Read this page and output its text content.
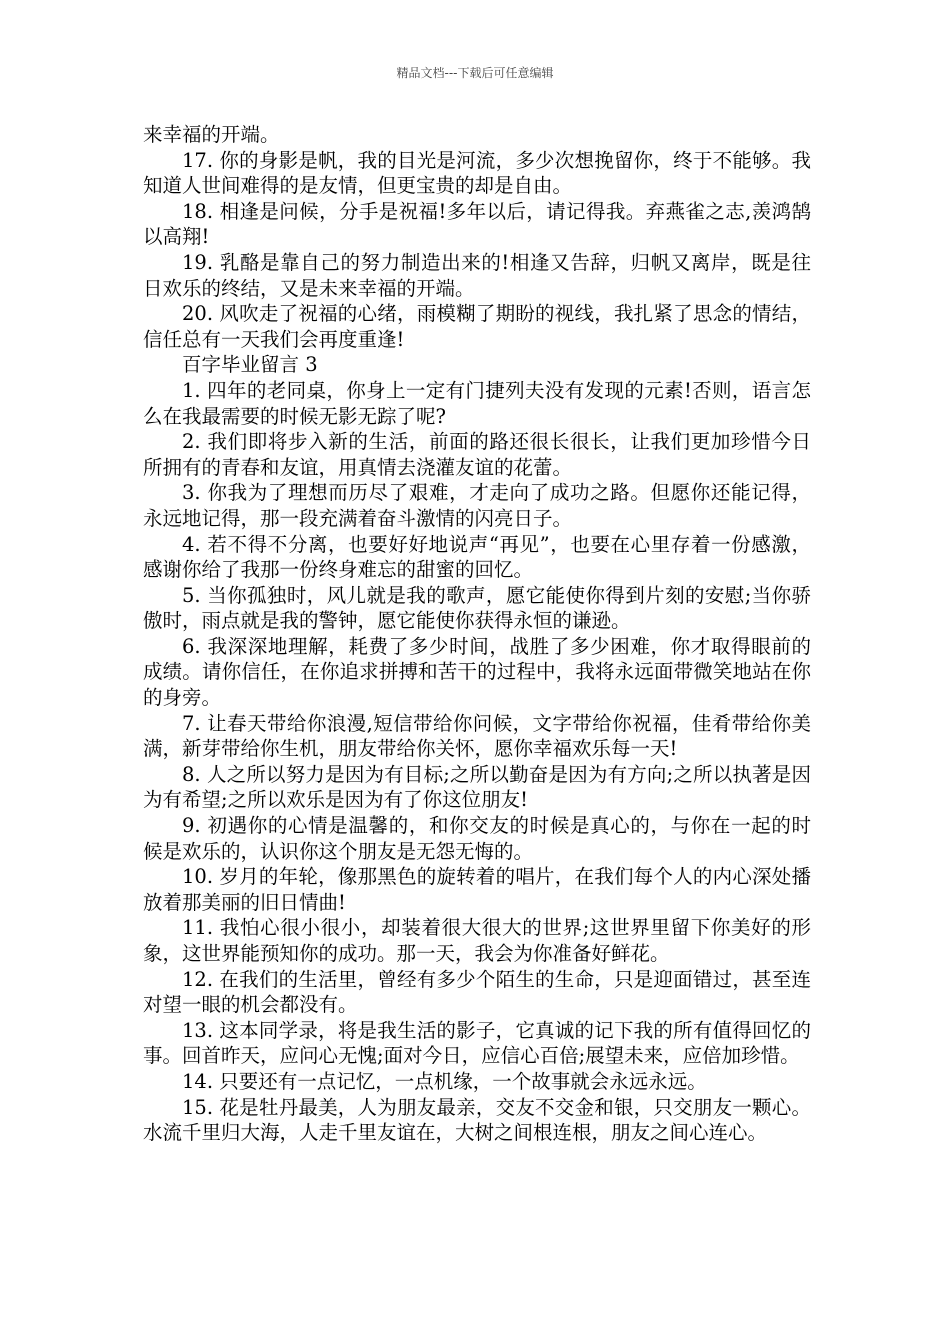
精品文档---下载后可任意编辑
来幸福的开端。
17. 你的身影是帆，我的目光是河流，多少次想挽留你，终于不能够。我知道人世间难得的是友情，但更宝贵的却是自由。
18. 相逢是问候，分手是祝福!多年以后，请记得我。弃燕雀之志,羡鸿鹄以高翔!
19. 乳酪是靠自己的努力制造出来的!相逢又告辞，归帆又离岸，既是往日欢乐的终结，又是未来幸福的开端。
20. 风吹走了祝福的心绪，雨模糊了期盼的视线，我扎紧了思念的情结，信任总有一天我们会再度重逢!
百字毕业留言 3
1. 四年的老同桌，你身上一定有门捷列夫没有发现的元素!否则，语言怎么在我最需要的时候无影无踪了呢?
2. 我们即将步入新的生活，前面的路还很长很长，让我们更加珍惜今日所拥有的青春和友谊，用真情去浇灌友谊的花蕾。
3. 你我为了理想而历尽了艰难，才走向了成功之路。但愿你还能记得，永远地记得，那一段充满着奋斗激情的闪亮日子。
4. 若不得不分离，也要好好地说声“再见”，也要在心里存着一份感激，感谢你给了我那一份终身难忘的甜蜜的回忆。
5. 当你孤独时，风儿就是我的歌声，愿它能使你得到片刻的安慰;当你骄傲时，雨点就是我的警钟，愿它能使你获得永恒的谦逊。
6. 我深深地理解，耗费了多少时间，战胜了多少困难，你才取得眼前的成绩。请你信任，在你追求拼搏和苦干的过程中，我将永远面带微笑地站在你的身旁。
7. 让春天带给你浪漫,短信带给你问候，文字带给你祝福，佳肴带给你美满，新芽带给你生机，朋友带给你关怀，愿你幸福欢乐每一天!
8. 人之所以努力是因为有目标;之所以勤奋是因为有方向;之所以执著是因为有希望;之所以欢乐是因为有了你这位朋友!
9. 初遇你的心情是温馨的，和你交友的时候是真心的，与你在一起的时候是欢乐的，认识你这个朋友是无怨无悔的。
10. 岁月的年轮，像那黑色的旋转着的唱片，在我们每个人的内心深处播放着那美丽的旧日情曲!
11. 我怕心很小很小，却装着很大很大的世界;这世界里留下你美好的形象，这世界能预知你的成功。那一天，我会为你准备好鲜花。
12. 在我们的生活里，曾经有多少个陌生的生命，只是迎面错过，甚至连对望一眼的机会都没有。
13. 这本同学录，将是我生活的影子，它真诚的记下我的所有值得回忆的事。回首昨天，应问心无愧;面对今日，应信心百倍;展望未来，应倍加珍惜。
14. 只要还有一点记忆，一点机缘，一个故事就会永远永远。
15. 花是牡丹最美，人为朋友最亲，交友不交金和银，只交朋友一颗心。水流千里归大海，人走千里友谊在，大树之间根连根，朋友之间心连心。
